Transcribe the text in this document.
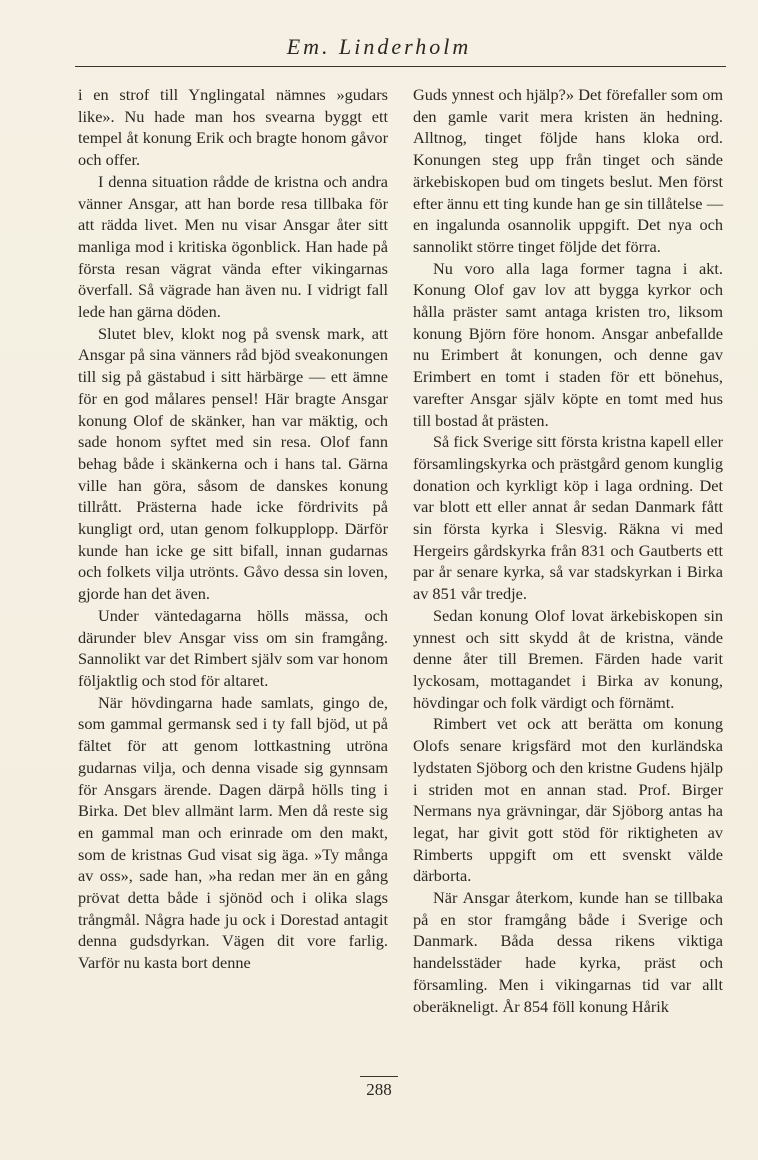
Em. Linderholm

i en strof till Ynglingatal nämnes »gudars like». Nu hade man hos svearna byggt ett tempel åt konung Erik och bragte honom gåvor och offer.

I denna situation rådde de kristna och andra vänner Ansgar, att han borde resa tillbaka för att rädda livet. Men nu visar Ansgar åter sitt manliga mod i kritiska ögonblick. Han hade på första resan vägrat vända efter vikingarnas överfall. Så vägrade han även nu. I vidrigt fall lede han gärna döden.

Slutet blev, klokt nog på svensk mark, att Ansgar på sina vänners råd bjöd sveakonungen till sig på gästabud i sitt härbärge — ett ämne för en god målares pensel! Här bragte Ansgar konung Olof de skänker, han var mäktig, och sade honom syftet med sin resa. Olof fann behag både i skänkerna och i hans tal. Gärna ville han göra, såsom de danskes konung tillrått. Prästerna hade icke fördrivits på kungligt ord, utan genom folkupplopp. Därför kunde han icke ge sitt bifall, innan gudarnas och folkets vilja utrönts. Gåvo dessa sin loven, gjorde han det även.

Under väntedagarna hölls mässa, och därunder blev Ansgar viss om sin framgång. Sannolikt var det Rimbert själv som var honom följaktlig och stod för altaret.

När hövdingarna hade samlats, gingo de, som gammal germansk sed i ty fall bjöd, ut på fältet för att genom lottkastning utröna gudarnas vilja, och denna visade sig gynnsam för Ansgars ärende. Dagen därpå hölls ting i Birka. Det blev allmänt larm. Men då reste sig en gammal man och erinrade om den makt, som de kristnas Gud visat sig äga. »Ty många av oss», sade han, »ha redan mer än en gång prövat detta både i sjönöd och i olika slags trångmål. Några hade ju ock i Dorestad antagit denna gudsdyrkan. Vägen dit vore farlig. Varför nu kasta bort denne

Guds ynnest och hjälp?» Det förefaller som om den gamle varit mera kristen än hedning. Alltnog, tinget följde hans kloka ord. Konungen steg upp från tinget och sände ärkebiskopen bud om tingets beslut. Men först efter ännu ett ting kunde han ge sin tillåtelse — en ingalunda osannolik uppgift. Det nya och sannolikt större tinget följde det förra.

Nu voro alla laga former tagna i akt. Konung Olof gav lov att bygga kyrkor och hålla präster samt antaga kristen tro, liksom konung Björn före honom. Ansgar anbefallde nu Erimbert åt konungen, och denne gav Erimbert en tomt i staden för ett bönehus, varefter Ansgar själv köpte en tomt med hus till bostad åt prästen.

Så fick Sverige sitt första kristna kapell eller församlingskyrka och prästgård genom kunglig donation och kyrkligt köp i laga ordning. Det var blott ett eller annat år sedan Danmark fått sin första kyrka i Slesvig. Räkna vi med Hergeirs gårdskyrka från 831 och Gautberts ett par år senare kyrka, så var stadskyrkan i Birka av 851 vår tredje.

Sedan konung Olof lovat ärkebiskopen sin ynnest och sitt skydd åt de kristna, vände denne åter till Bremen. Färden hade varit lyckosam, mottagandet i Birka av konung, hövdingar och folk värdigt och förnämt.

Rimbert vet ock att berätta om konung Olofs senare krigsfärd mot den kurländska lydstaten Sjöborg och den kristne Gudens hjälp i striden mot en annan stad. Prof. Birger Nermans nya grävningar, där Sjöborg antas ha legat, har givit gott stöd för riktigheten av Rimberts uppgift om ett svenskt välde därborta.

När Ansgar återkom, kunde han se tillbaka på en stor framgång både i Sverige och Danmark. Båda dessa rikens viktiga handelsstäder hade kyrka, präst och församling. Men i vikingarnas tid var allt oberäkneligt. År 854 föll konung Hårik

288
